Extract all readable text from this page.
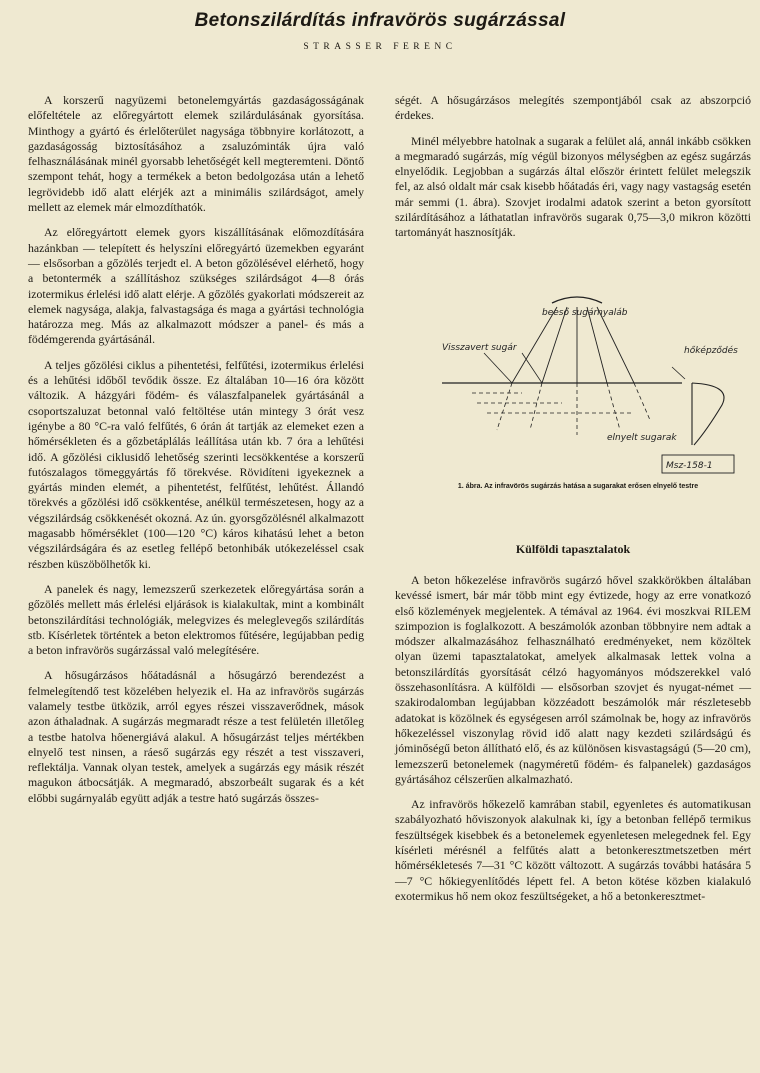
Betonszilárdítás infravörös sugárzással
STRASSER FERENC

A korszerű nagyüzemi betonelemgyártás gazdaságosságának előfeltétele az előregyártott elemek szilárdulásának gyorsítása. Minthogy a gyártó és érlelőterület nagysága többnyire korlátozott, a gazdaságosság biztosításához a zsaluzóminták újra való felhasználásának minél gyorsabb lehetőségét kell megteremteni. Döntő szempont tehát, hogy a termékek a beton bedolgozása után a lehető legrövidebb idő alatt elérjék azt a minimális szilárdságot, amely mellett az elemek már elmozdíthatók.

Az előregyártott elemek gyors kiszállításának előmozdítására hazánkban — telepített és helyszíni előregyártó üzemekben egyaránt — elsősorban a gőzölés terjedt el. A beton gőzölésével elérhető, hogy a betontermék a szállításhoz szükséges szilárdságot 4—8 órás izotermikus érlelési idő alatt elérje. A gőzölés gyakorlati módszereit az elemek nagysága, alakja, falvastagsága és maga a gyártási technológia határozza meg. Más az alkalmazott módszer a panel- és más a födémgerenda gyártásánál.

A teljes gőzölési ciklus a pihentetési, felfűtési, izotermikus érlelési és a lehűtési időből tevődik össze. Ez általában 10—16 óra között változik. A házgyári födém- és válaszfalpanelek gyártásánál a csoportszaluzat betonnal való feltöltése után mintegy 3 órát vesz igénybe a 80 °C-ra való felfűtés, 6 órán át tartják az elemeket ezen a hőmérsékleten és a gőzbetáplálás leállítása után kb. 7 óra a lehűtési idő. A gőzölési ciklusidő lehetőség szerinti lecsökkentése a korszerű futószalagos tömeggyártás fő törekvése. Rövidíteni igyekeznek a gyártás minden elemét, a pihentetést, felfűtést, lehűtést. Állandó törekvés a gőzölési idő csökkentése, anélkül természetesen, hogy az a végszilárdság csökkenését okozná. Az ún. gyorsgőzölésnél alkalmazott magasabb hőmérséklet (100—120 °C) káros kihatású lehet a beton végszilárdságára és az esetleg fellépő betonhibák utókezeléssel csak részben küszöbölhetők ki.

A panelek és nagy, lemezszerű szerkezetek előregyártása során a gőzölés mellett más érlelési eljárások is kialakultak, mint a kombinált betonszilárdítási technológiák, melegvizes és meleglevegős szilárdítás stb. Kísérletek történtek a beton elektromos fűtésére, legújabban pedig a beton infravörös sugárzással való melegítésére.

A hősugárzásos hőátadásnál a hősugárzó berendezést a felmelegítendő test közelében helyezik el. Ha az infravörös sugárzás valamely testbe ütközik, arról egyes részei visszaverődnek, mások azon áthaladnak. A sugárzás megmaradt része a test felületén illetőleg a testbe hatolva hőenergiává alakul. A hősugárzást teljes mértékben elnyelő test ninsen, a ráeső sugárzás egy részét a test visszaveri, reflektálja. Vannak olyan testek, amelyek a sugárzás egy másik részét magukon átbocsátják. A megmaradó, abszorbeált sugarak és a két előbbi sugárnyaláb együtt adják a testre ható sugárzás összes-

ségét. A hősugárzásos melegítés szempontjából csak az abszorpció érdekes.

Minél mélyebbre hatolnak a sugarak a felület alá, annál inkább csökken a megmaradó sugárzás, míg végül bizonyos mélységben az egész sugárzás elnyelődik. Legjobban a sugárzás által először érintett felület melegszik fel, az alsó oldalt már csak kisebb hőátadás éri, vagy nagy vastagság esetén már semmi (1. ábra). Szovjet irodalmi adatok szerint a beton gyorsított szilárdításához a láthatatlan infravörös sugarak 0,75—3,0 mikron közötti tartományát hasznosítják.

Visszavert sugár
beeső sugárnyaláb
hőképződés
elnyelt sugarak
Msz-158-1
1. ábra. Az infravörös sugárzás hatása a sugarakat erősen elnyelő testre
Külföldi tapasztalatok

A beton hőkezelése infravörös sugárzó hővel szakkörökben általában kevéssé ismert, bár már több mint egy évtizede, hogy az erre vonatkozó első közlemények megjelentek. A témával az 1964. évi moszkvai RILEM szimpozion is foglalkozott. A beszámolók azonban többnyire nem adtak a módszer alkalmazásához felhasználható eredményeket, nem közöltek olyan üzemi tapasztalatokat, amelyek alkalmasak lettek volna a betonszilárdítás gyorsítását célzó hagyományos módszerekkel való összehasonlításra. A külföldi — elsősorban szovjet és nyugat-német — szakirodalomban legújabban közzéadott beszámolók már részletesebb adatokat is közölnek és egységesen arról számolnak be, hogy az infravörös hőkezeléssel viszonylag rövid idő alatt nagy kezdeti szilárdságú és jóminőségű beton állítható elő, és az különösen kisvastagságú (5—20 cm), lemezszerű betonelemek (nagyméretű födém- és falpanelek) gazdaságos gyártásához célszerűen alkalmazható.

Az infravörös hőkezelő kamrában stabil, egyenletes és automatikusan szabályozható hőviszonyok alakulnak ki, így a betonban fellépő termikus feszültségek kisebbek és a betonelemek egyenletesen melegednek fel. Egy kísérleti mérésnél a felfűtés alatt a betonkeresztmetszetben mért hőmérsékletesés 7—31 °C között változott. A sugárzás további hatására 5—7 °C hőkiegyenlítődés lépett fel. A beton kötése közben kialakuló exotermikus hő nem okoz feszültségeket, a hő a betonkeresztmet-
